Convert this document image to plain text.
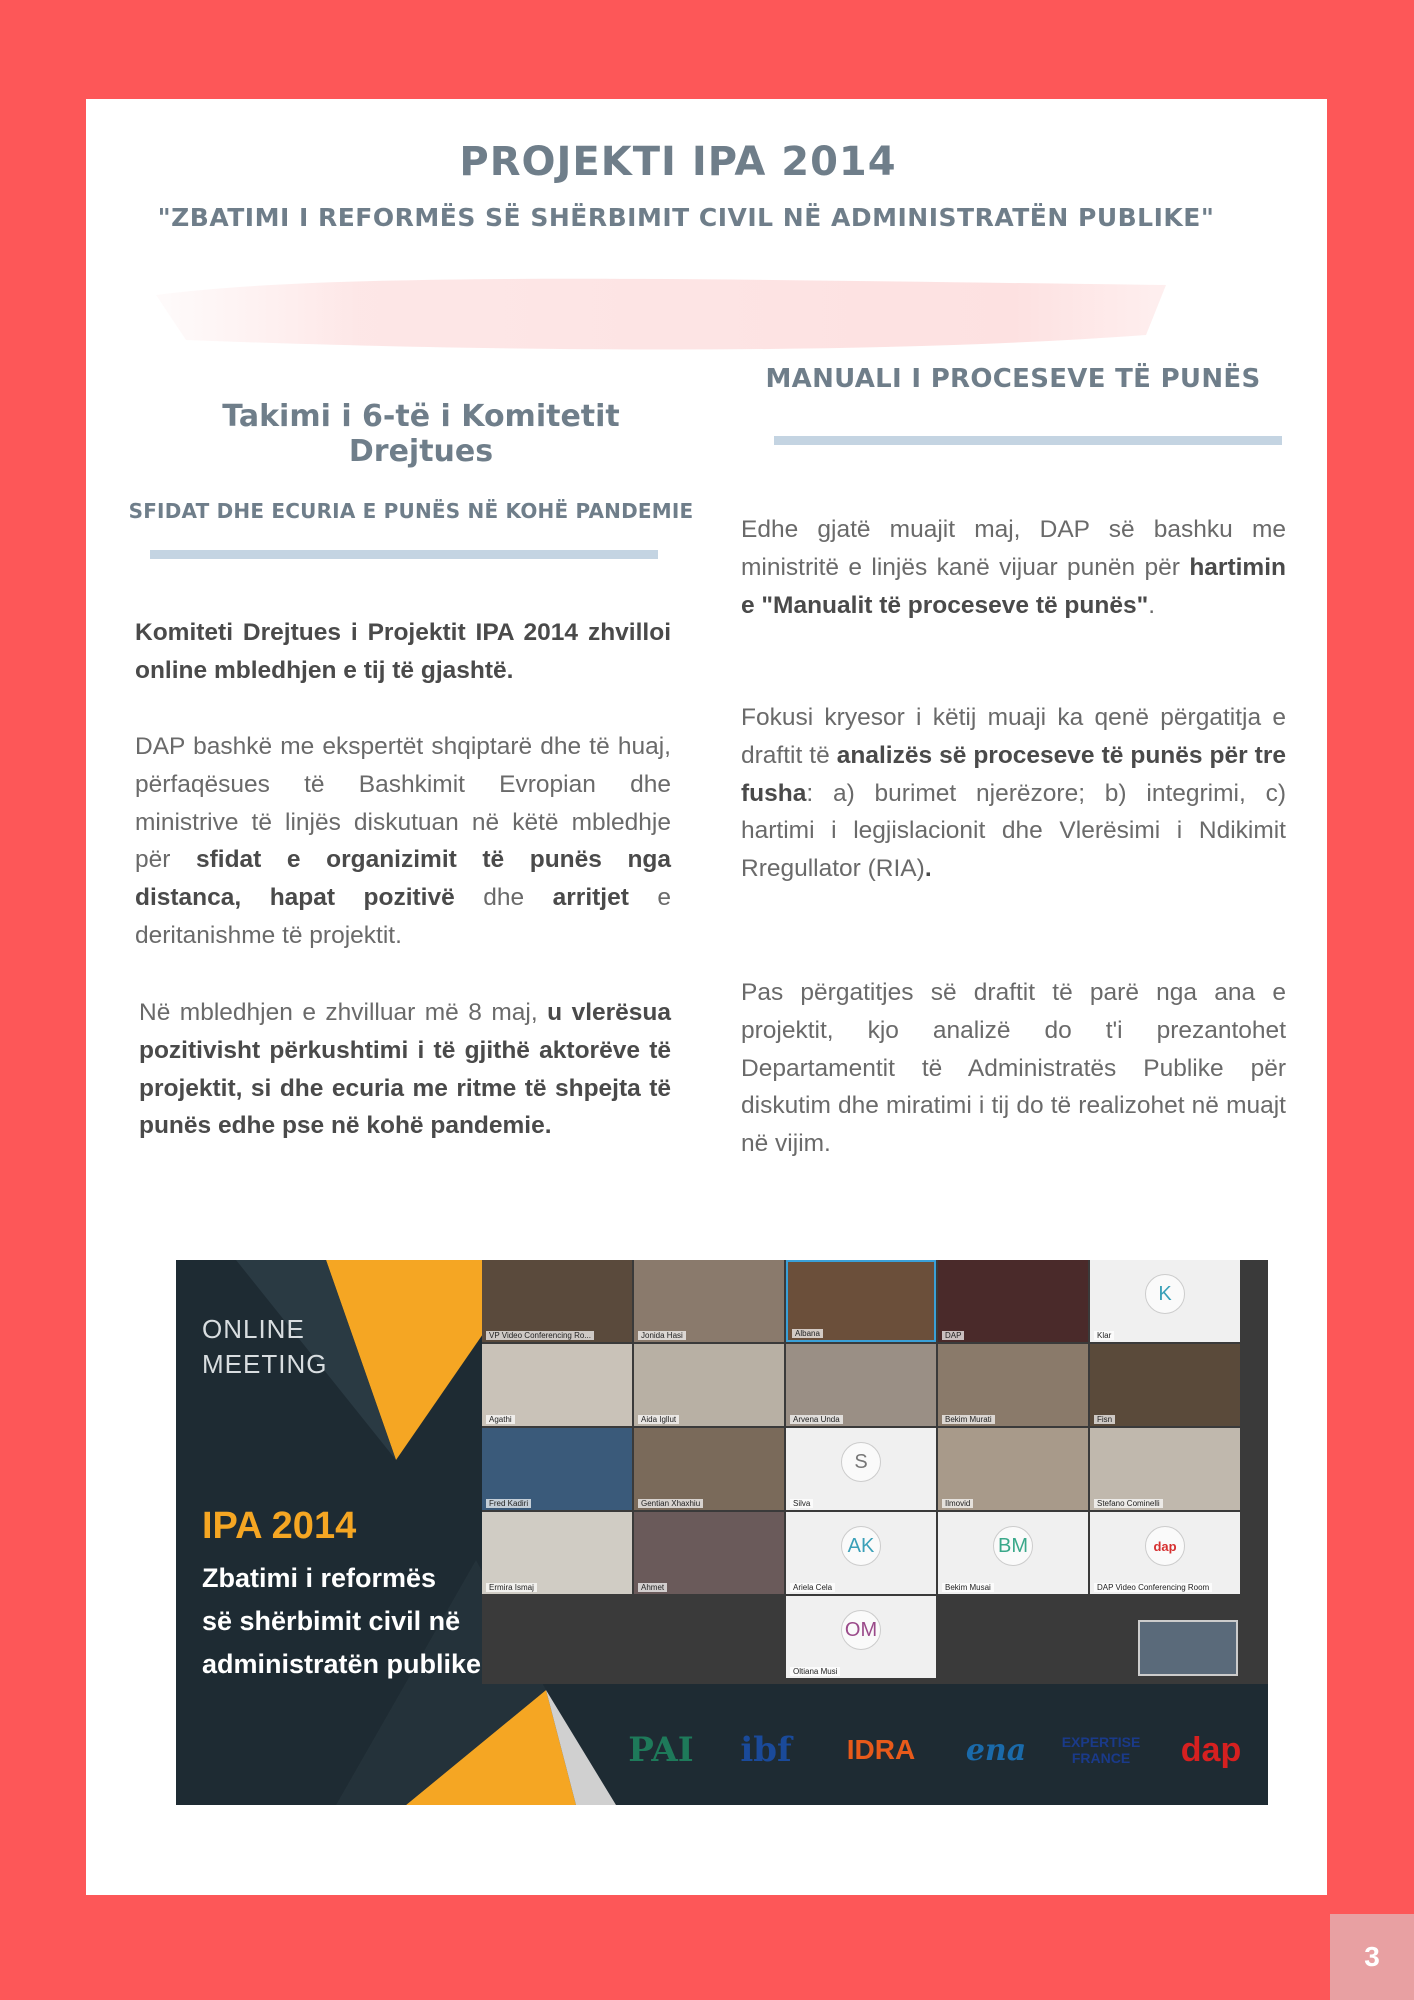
PROJEKTI IPA 2014
"ZBATIMI I REFORMËS SË SHËRBIMIT CIVIL NË ADMINISTRATËN PUBLIKE"
Takimi i 6-të i Komitetit Drejtues
SFIDAT DHE ECURIA E PUNËS NË KOHË PANDEMIE
Komiteti Drejtues i Projektit IPA 2014 zhvilloi online mbledhjen e tij të gjashtë.
DAP bashkë me ekspertët shqiptarë dhe të huaj, përfaqësues të Bashkimit Evropian dhe ministrive të linjës diskutuan në këtë mbledhje për sfidat e organizimit të punës nga distanca, hapat pozitivë dhe arritjet e deritanishme të projektit.
Në mbledhjen e zhvilluar më 8 maj, u vlerësua pozitivisht përkushtimi i të gjithë aktorëve të projektit, si dhe ecuria me ritme të shpejta të punës edhe pse në kohë pandemie.
MANUALI I PROCESEVE TË PUNËS
Edhe gjatë muajit maj, DAP së bashku me ministritë e linjës kanë vijuar punën për hartimin e "Manualit të proceseve të punës".
Fokusi kryesor i këtij muaji ka qenë përgatitja e draftit të analizës së proceseve të punës për tre fusha: a) burimet njerëzore; b) integrimi, c) hartimi i legjislacionit dhe Vlerësimi i Ndikimit Rregullator (RIA).
Pas përgatitjes së draftit të parë nga ana e projektit, kjo analizë do t'i prezantohet Departamentit të Administratës Publike për diskutim dhe miratimi i tij do të realizohet në muajt në vijim.
ONLINE
MEETING
IPA 2014
Zbatimi i reformës
së shërbimit civil në
administratën publike
VP Video Conferencing Ro...	Jonida Hasi	Albana	DAP
K
Klar
Agathi	Aida Igllut	Arvena Unda	Bekim Murati	Fisn
Fred Kadiri	Gentian Xhaxhiu
S
Silva	Ilmovid	Stefano Cominelli
Ermira Ismaj	Ahmet
AK
Ariela Cela
BM
Bekim Musai
dap
DAP Video Conferencing Room
OM
Oltiana Musi
PAI	ibf	IDRA	ena	EXPERTISE
FRANCE	dap
3
